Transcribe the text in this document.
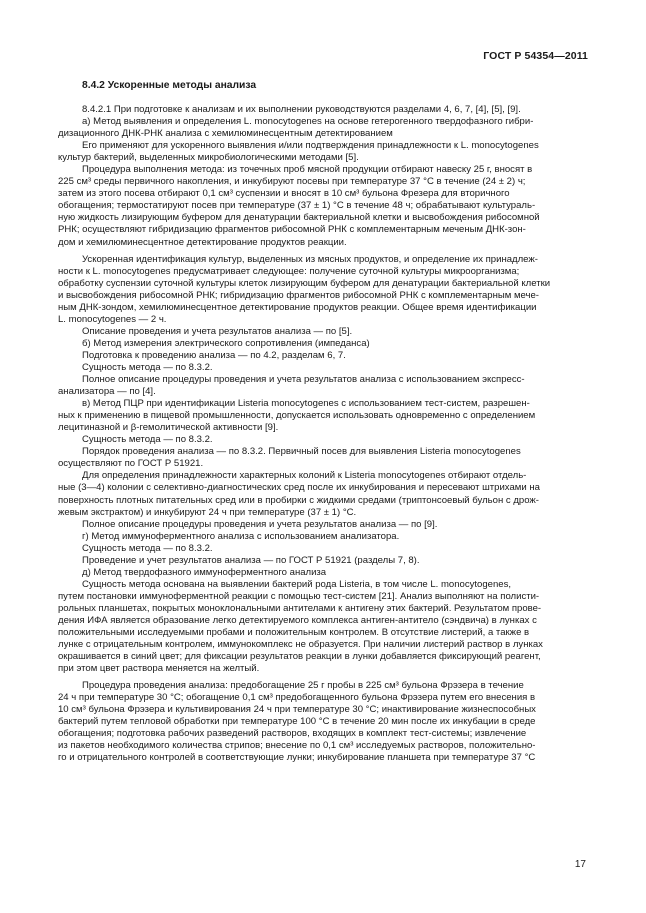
ГОСТ Р 54354—2011
8.4.2 Ускоренные методы анализа

8.4.2.1 При подготовке к анализам и их выполнении руководствуются разделами 4, 6, 7, [4], [5], [9].

а) Метод выявления и определения L. monocytogenes на основе гетерогенного твердофазного гибри-
дизационного ДНК-РНК анализа с хемилюминесцентным детектированием

Его применяют для ускоренного выявления и/или подтверждения принадлежности к L. monocytogenes
культур бактерий, выделенных микробиологическими методами [5].

Процедура выполнения метода: из точечных проб мясной продукции отбирают навеску 25 г, вносят в
225 см³ среды первичного накопления, и инкубируют посевы при температуре 37 °C в течение (24 ± 2) ч;
затем из этого посева отбирают 0,1 см³ суспензии и вносят в 10 см³ бульона Фрезера для вторичного
обогащения; термостатируют посев при температуре (37 ± 1) °C в течение 48 ч; обрабатывают культураль-
ную жидкость лизирующим буфером для денатурации бактериальной клетки и высвобождения рибосомной
РНК; осуществляют гибридизацию фрагментов рибосомной РНК с комплементарным меченым ДНК-зон-
дом и хемилюминесцентное детектирование продуктов реакции.

Ускоренная идентификация культур, выделенных из мясных продуктов, и определение их принадлеж-
ности к L. monocytogenes предусматривает следующее: получение суточной культуры микроорганизма;
обработку суспензии суточной культуры клеток лизирующим буфером для денатурации бактериальной клетки
и высвобождения рибосомной РНК; гибридизацию фрагментов рибосомной РНК с комплементарным мече-
ным ДНК-зондом, хемилюминесцентное детектирование продуктов реакции. Общее время идентификации
L. monocytogenes — 2 ч.

Описание проведения и учета результатов анализа — по [5].

б) Метод измерения электрического сопротивления (импеданса)

Подготовка к проведению анализа — по 4.2, разделам 6, 7.

Сущность метода — по 8.3.2.

Полное описание процедуры проведения и учета результатов анализа с использованием экспресс-
анализатора — по [4].

в) Метод ПЦР при идентификации Listeria monocytogenes с использованием тест-систем, разрешен-
ных к применению в пищевой промышленности, допускается использовать одновременно с определением
лецитиназной и β-гемолитической активности [9].

Сущность метода — по 8.3.2.

Порядок проведения анализа — по 8.3.2. Первичный посев для выявления Listeria monocytogenes
осуществляют по ГОСТ Р 51921.

Для определения принадлежности характерных колоний к Listeria monocytogenes отбирают отдель-
ные (3—4) колонии с селективно-диагностических сред после их инкубирования и пересевают штрихами на
поверхность плотных питательных сред или в пробирки с жидкими средами (триптонсоевый бульон с дрож-
жевым экстрактом) и инкубируют 24 ч при температуре (37 ± 1) °C.

Полное описание процедуры проведения и учета результатов анализа — по [9].

г) Метод иммуноферментного анализа с использованием анализатора.

Сущность метода — по 8.3.2.

Проведение и учет результатов анализа — по ГОСТ Р 51921 (разделы 7, 8).

д) Метод твердофазного иммуноферментного анализа

Сущность метода основана на выявлении бактерий рода Listeria, в том числе L. monocytogenes,
путем постановки иммуноферментной реакции с помощью тест-систем [21]. Анализ выполняют на полисти-
рольных планшетах, покрытых моноклональными антителами к антигену этих бактерий. Результатом прове-
дения ИФА является образование легко детектируемого комплекса антиген-антитело (сэндвича) в лунках с
положительными исследуемыми пробами и положительным контролем. В отсутствие листерий, а также в
лунке с отрицательным контролем, иммунокомплекс не образуется. При наличии листерий раствор в лунках
окрашивается в синий цвет; для фиксации результатов реакции в лунки добавляется фиксирующий реагент,
при этом цвет раствора меняется на желтый.

Процедура проведения анализа: предобогащение 25 г пробы в 225 см³ бульона Фрэзера в течение
24 ч при температуре 30 °C; обогащение 0,1 см³ предобогащенного бульона Фрэзера путем его внесения в
10 см³ бульона Фрэзера и культивирования 24 ч при температуре 30 °C; инактивирование жизнеспособных
бактерий путем тепловой обработки при температуре 100 °C в течение 20 мин после их инкубации в среде
обогащения; подготовка рабочих разведений растворов, входящих в комплект тест-системы; извлечение
из пакетов необходимого количества стрипов; внесение по 0,1 см³ исследуемых растворов, положительно-
го и отрицательного контролей в соответствующие лунки; инкубирование планшета при температуре 37 °C

17
